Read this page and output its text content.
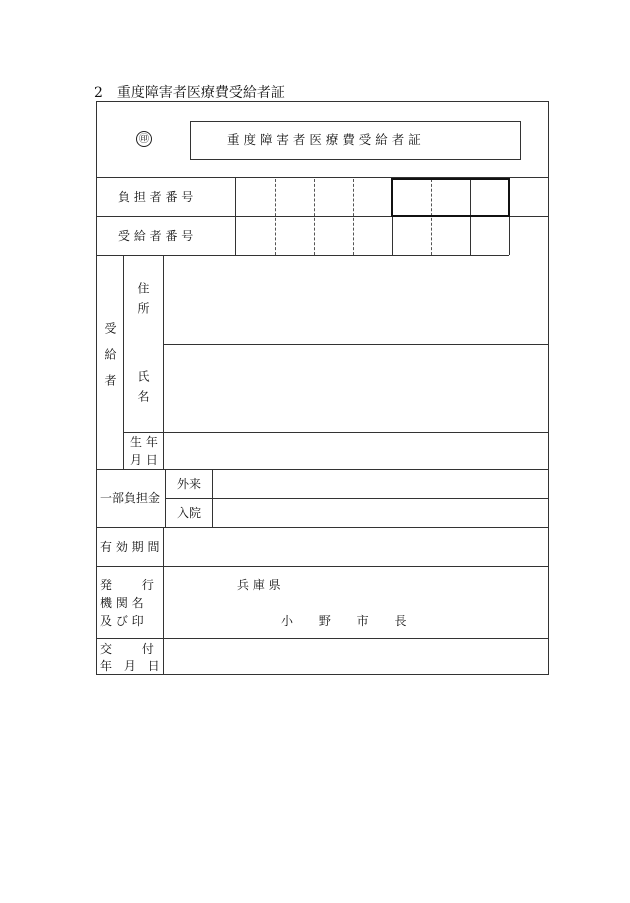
2 重度障害者医療費受給者証
㊞	重 度 障 害 者 医 療 費 受 給 者 証
負 担 者 番 号
受 給 者 番 号
受給者
住所
氏名
生 年
月 日
一部負担金
外来
入院
有 効 期 間
発 行
機 関 名
及 び 印
兵 庫 県
小 野 市 長
交 付
年 月 日
